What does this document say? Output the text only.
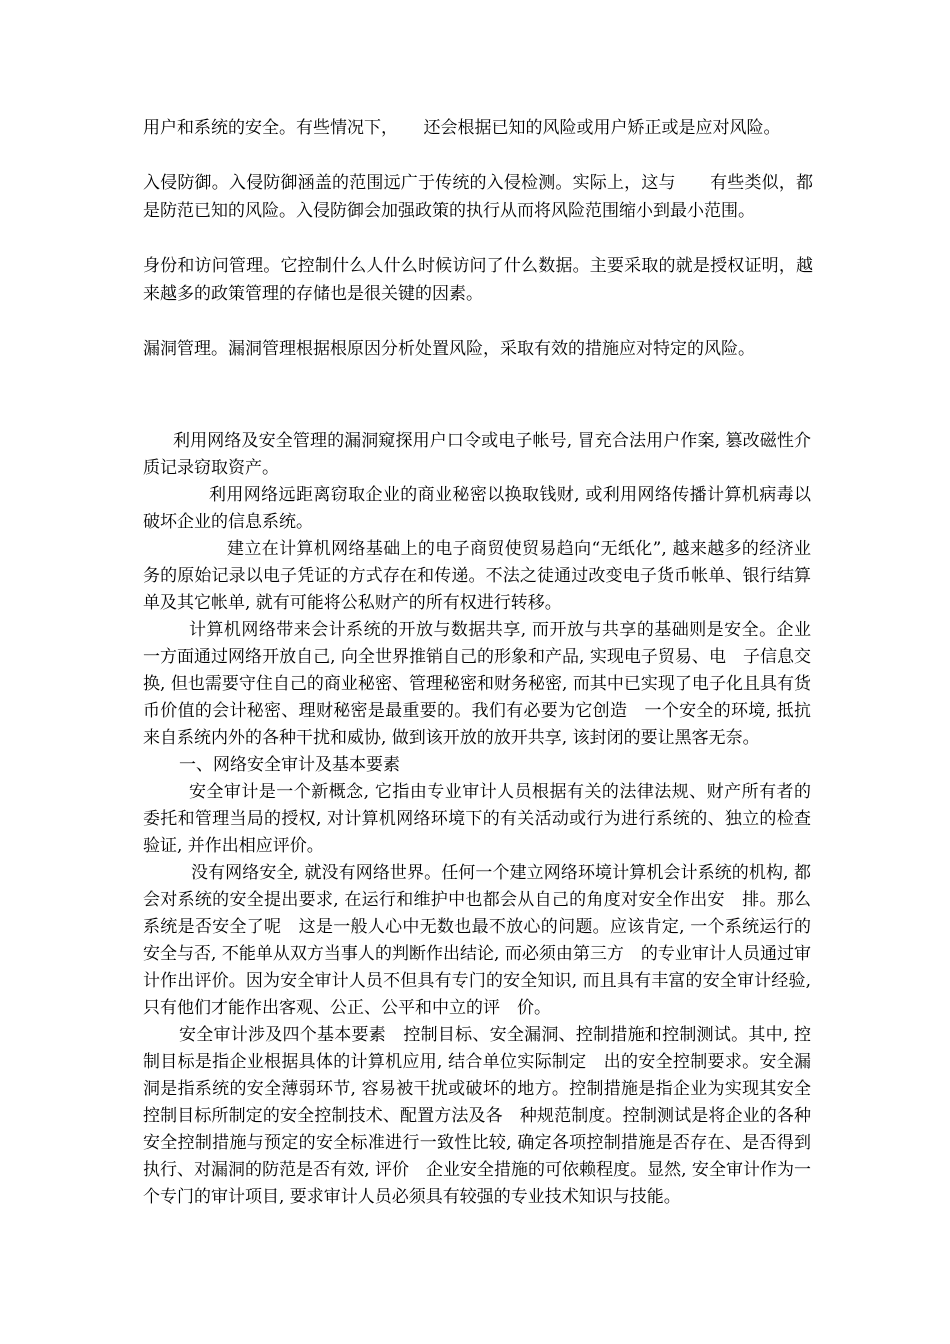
用户和系统的安全。有些情况下，　　还会根据已知的风险或用户矫正或是应对风险。

入侵防御。入侵防御涵盖的范围远广于传统的入侵检测。实际上，这与　　有些类似，都是防范已知的风险。入侵防御会加强政策的执行从而将风险范围缩小到最小范围。

身份和访问管理。它控制什么人什么时候访问了什么数据。主要采取的就是授权证明，越来越多的政策管理的存储也是很关键的因素。

漏洞管理。漏洞管理根据根原因分析处置风险，采取有效的措施应对特定的风险。

利用网络及安全管理的漏洞窥探用户口令或电子帐号, 冒充合法用户作案, 篡改磁性介质记录窃取资产。

利用网络远距离窃取企业的商业秘密以换取钱财, 或利用网络传播计算机病毒以破坏企业的信息系统。

建立在计算机网络基础上的电子商贸使贸易趋向“无纸化”, 越来越多的经济业务的原始记录以电子凭证的方式存在和传递。不法之徒通过改变电子货币帐单、银行结算单及其它帐单, 就有可能将公私财产的所有权进行转移。

计算机网络带来会计系统的开放与数据共享, 而开放与共享的基础则是安全。企业一方面通过网络开放自己, 向全世界推销自己的形象和产品, 实现电子贸易、电　子信息交换, 但也需要守住自己的商业秘密、管理秘密和财务秘密, 而其中已实现了电子化且具有货币价值的会计秘密、理财秘密是最重要的。我们有必要为它创造　一个安全的环境, 抵抗来自系统内外的各种干扰和威协, 做到该开放的放开共享, 该封闭的要让黑客无奈。

一、网络安全审计及基本要素

安全审计是一个新概念, 它指由专业审计人员根据有关的法律法规、财产所有者的委托和管理当局的授权, 对计算机网络环境下的有关活动或行为进行系统的、独立的检查验证, 并作出相应评价。

没有网络安全, 就没有网络世界。任何一个建立网络环境计算机会计系统的机构, 都会对系统的安全提出要求, 在运行和维护中也都会从自己的角度对安全作出安　排。那么系统是否安全了呢　这是一般人心中无数也最不放心的问题。应该肯定, 一个系统运行的安全与否, 不能单从双方当事人的判断作出结论, 而必须由第三方　的专业审计人员通过审计作出评价。因为安全审计人员不但具有专门的安全知识, 而且具有丰富的安全审计经验, 只有他们才能作出客观、公正、公平和中立的评　价。

安全审计涉及四个基本要素　控制目标、安全漏洞、控制措施和控制测试。其中, 控制目标是指企业根据具体的计算机应用, 结合单位实际制定　出的安全控制要求。安全漏洞是指系统的安全薄弱环节, 容易被干扰或破坏的地方。控制措施是指企业为实现其安全控制目标所制定的安全控制技术、配置方法及各　种规范制度。控制测试是将企业的各种安全控制措施与预定的安全标准进行一致性比较, 确定各项控制措施是否存在、是否得到执行、对漏洞的防范是否有效, 评价　企业安全措施的可依赖程度。显然, 安全审计作为一个专门的审计项目, 要求审计人员必须具有较强的专业技术知识与技能。
